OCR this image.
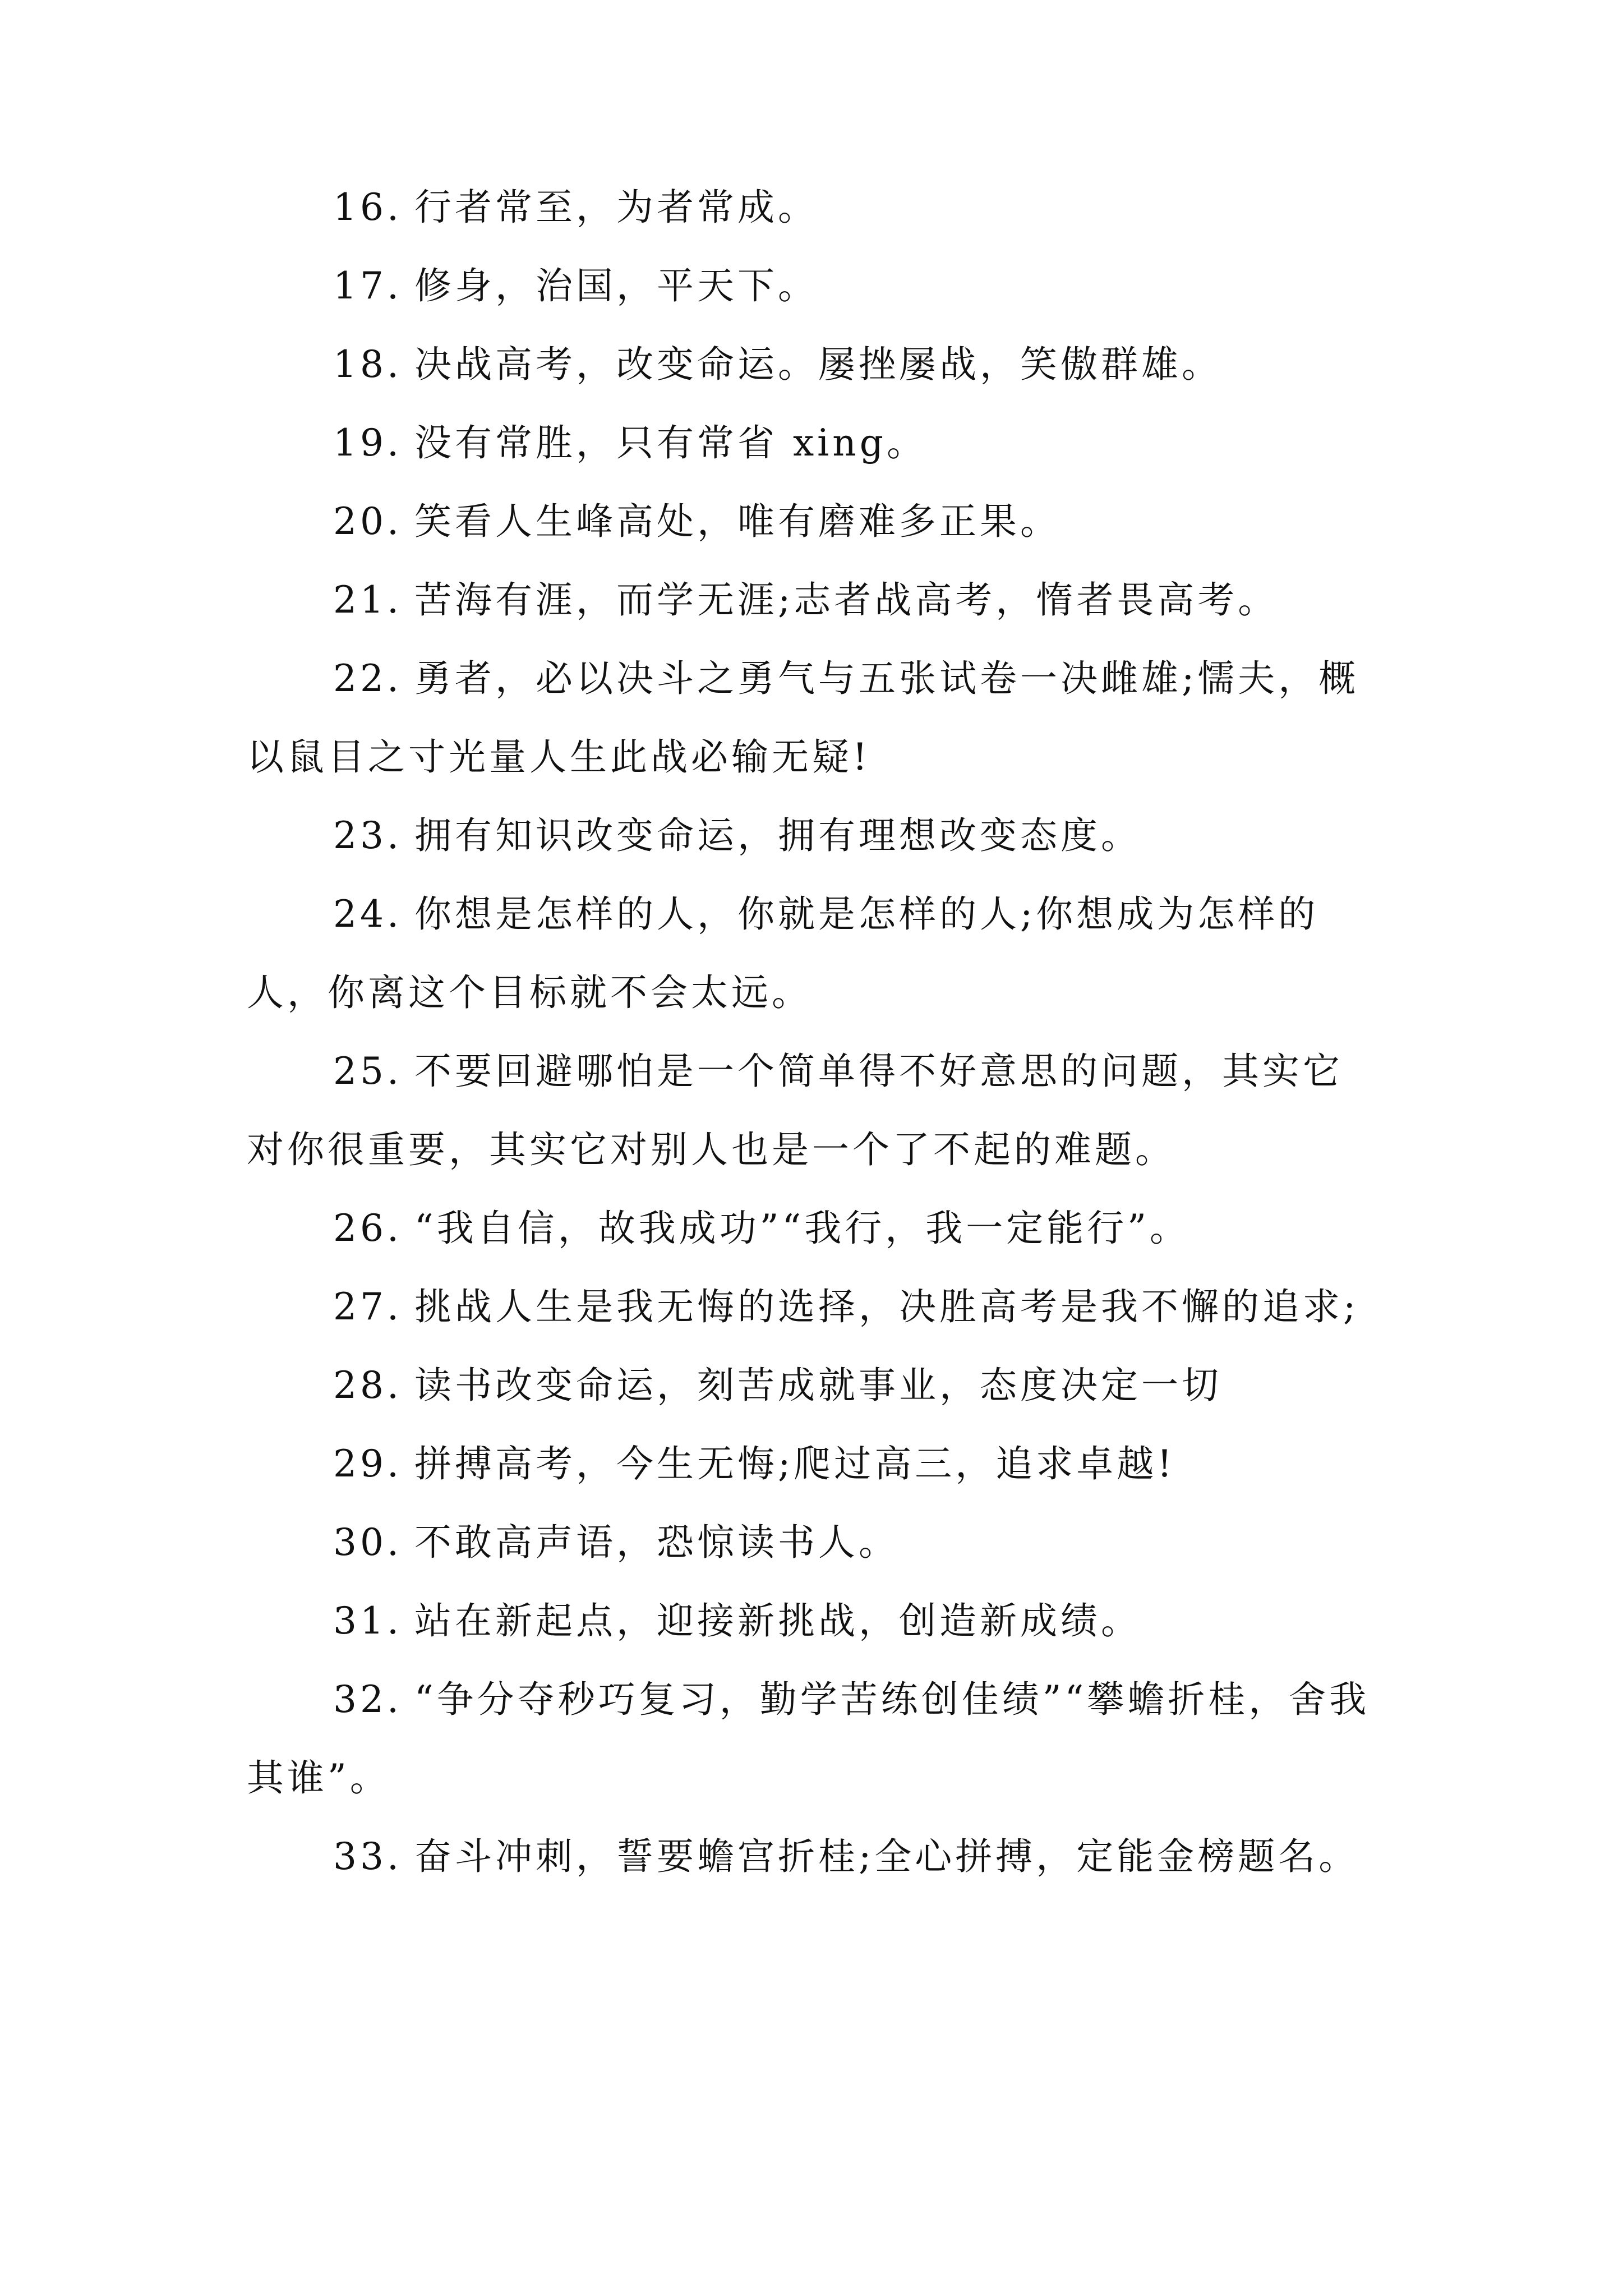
16. 行者常至，为者常成。

17. 修身，治国，平天下。

18. 决战高考，改变命运。屡挫屡战，笑傲群雄。

19. 没有常胜，只有常省 xing。

20. 笑看人生峰高处，唯有磨难多正果。

21. 苦海有涯，而学无涯;志者战高考，惰者畏高考。

22. 勇者，必以决斗之勇气与五张试卷一决雌雄;懦夫，概以鼠目之寸光量人生此战必输无疑!

23. 拥有知识改变命运，拥有理想改变态度。

24. 你想是怎样的人，你就是怎样的人;你想成为怎样的人，你离这个目标就不会太远。

25. 不要回避哪怕是一个简单得不好意思的问题，其实它对你很重要，其实它对别人也是一个了不起的难题。

26. “我自信，故我成功”“我行，我一定能行”。

27. 挑战人生是我无悔的选择，决胜高考是我不懈的追求;

28. 读书改变命运，刻苦成就事业，态度决定一切

29. 拼搏高考，今生无悔;爬过高三，追求卓越!

30. 不敢高声语，恐惊读书人。

31. 站在新起点，迎接新挑战，创造新成绩。

32. “争分夺秒巧复习，勤学苦练创佳绩”“攀蟾折桂，舍我其谁”。

33. 奋斗冲刺，誓要蟾宫折桂;全心拼搏，定能金榜题名。
